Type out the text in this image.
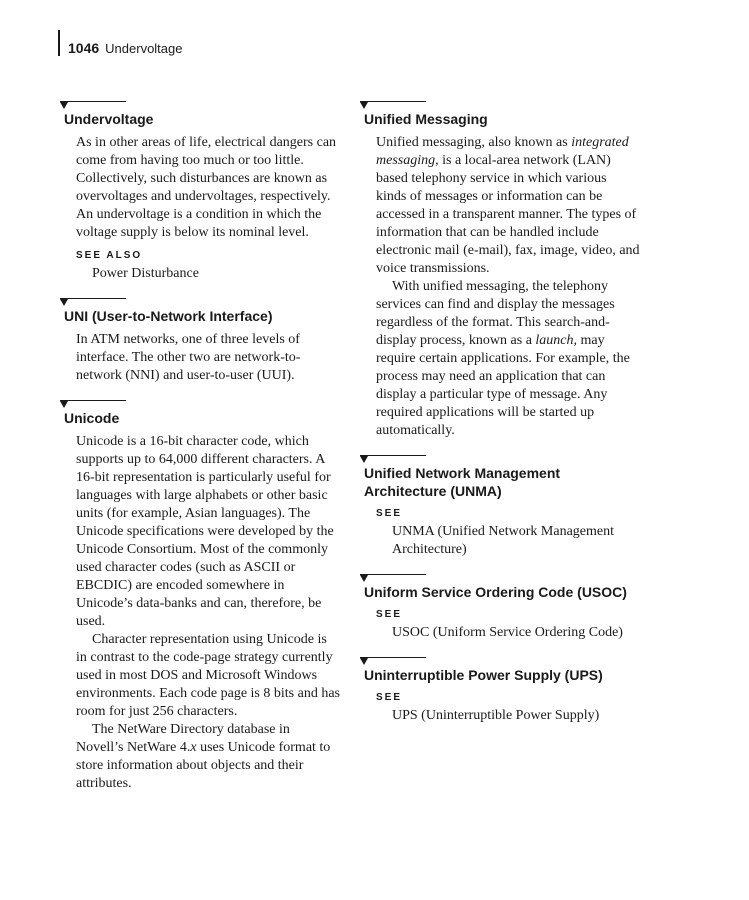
1046 Undervoltage
Undervoltage

As in other areas of life, electrical dangers can come from having too much or too little. Collectively, such disturbances are known as overvoltages and undervoltages, respectively. An undervoltage is a condition in which the voltage supply is below its nominal level.

SEE ALSO
Power Disturbance
UNI (User-to-Network Interface)

In ATM networks, one of three levels of interface. The other two are network-to-network (NNI) and user-to-user (UUI).

Unicode

Unicode is a 16-bit character code, which supports up to 64,000 different characters. A 16-bit representation is particularly useful for languages with large alphabets or other basic units (for example, Asian languages). The Unicode specifications were developed by the Unicode Consortium. Most of the commonly used character codes (such as ASCII or EBCDIC) are encoded somewhere in Unicode’s data-banks and can, therefore, be used.

Character representation using Unicode is in contrast to the code-page strategy currently used in most DOS and Microsoft Windows environments. Each code page is 8 bits and has room for just 256 characters.

The NetWare Directory database in Novell’s NetWare 4.x uses Unicode format to store information about objects and their attributes.

Unified Messaging

Unified messaging, also known as integrated messaging, is a local-area network (LAN) based telephony service in which various kinds of messages or information can be accessed in a transparent manner. The types of information that can be handled include electronic mail (e-mail), fax, image, video, and voice transmissions.

With unified messaging, the telephony services can find and display the messages regardless of the format. This search-and-display process, known as a launch, may require certain applications. For example, the process may need an application that can display a particular type of message. Any required applications will be started up automatically.

Unified Network Management Architecture (UNMA)
SEE
UNMA (Unified Network Management Architecture)
Uniform Service Ordering Code (USOC)
SEE
USOC (Uniform Service Ordering Code)
Uninterruptible Power Supply (UPS)
SEE
UPS (Uninterruptible Power Supply)
